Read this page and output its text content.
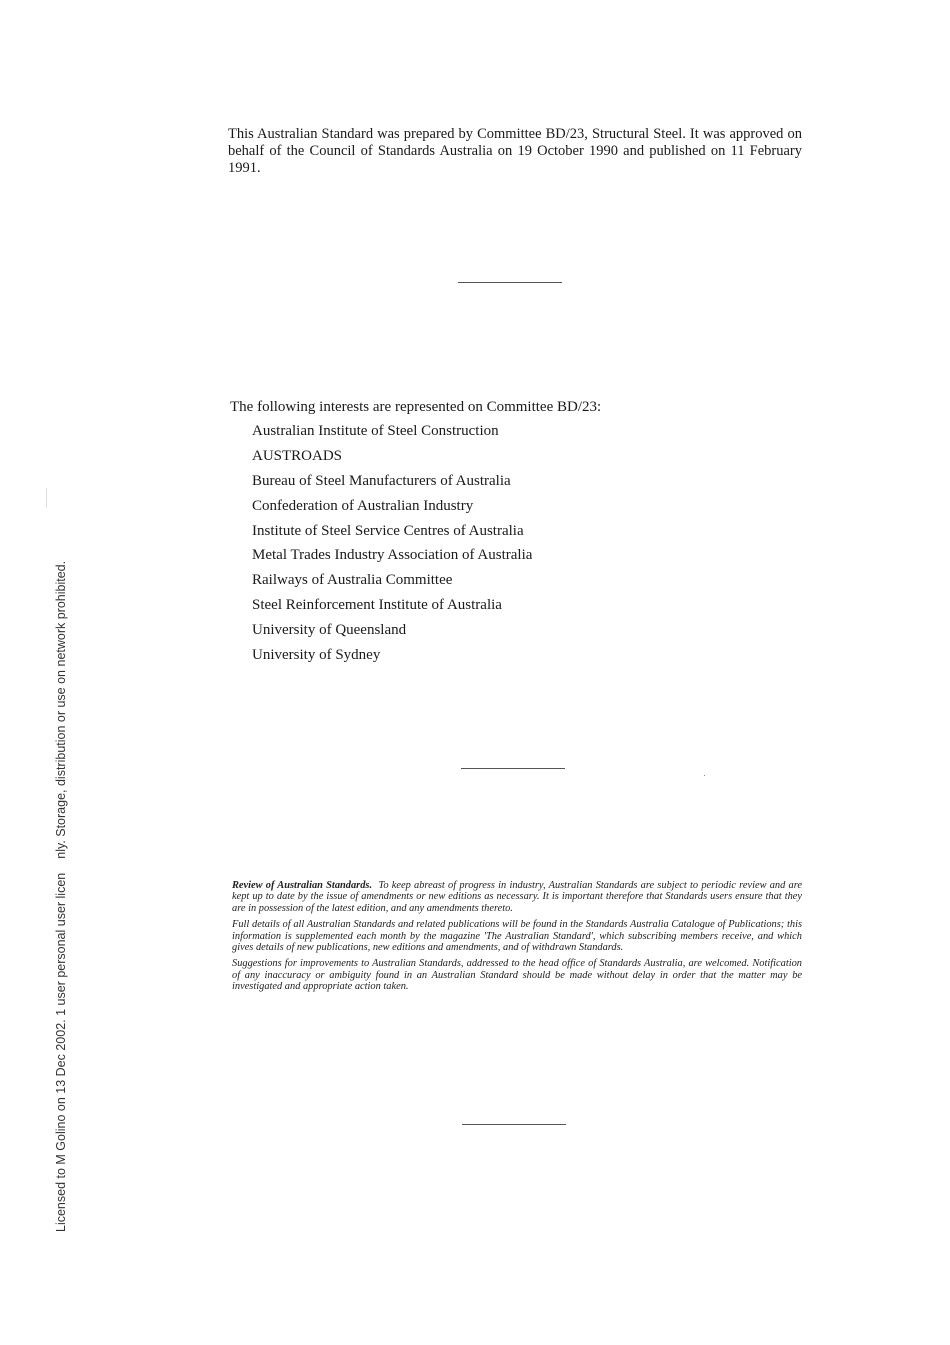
This Australian Standard was prepared by Committee BD/23, Structural Steel. It was approved on behalf of the Council of Standards Australia on 19 October 1990 and published on 11 February 1991.
The following interests are represented on Committee BD/23:
Australian Institute of Steel Construction
AUSTROADS
Bureau of Steel Manufacturers of Australia
Confederation of Australian Industry
Institute of Steel Service Centres of Australia
Metal Trades Industry Association of Australia
Railways of Australia Committee
Steel Reinforcement Institute of Australia
University of Queensland
University of Sydney

Review of Australian Standards. To keep abreast of progress in industry, Australian Standards are subject to periodic review and are kept up to date by the issue of amendments or new editions as necessary. It is important therefore that Standards users ensure that they are in possession of the latest edition, and any amendments thereto.

Full details of all Australian Standards and related publications will be found in the Standards Australia Catalogue of Publications; this information is supplemented each month by the magazine 'The Australian Standard', which subscribing members receive, and which gives details of new publications, new editions and amendments, and of withdrawn Standards.

Suggestions for improvements to Australian Standards, addressed to the head office of Standards Australia, are welcomed. Notification of any inaccuracy or ambiguity found in an Australian Standard should be made without delay in order that the matter may be investigated and appropriate action taken.

Licensed to M Golino on 13 Dec 2002. 1 user personal user licennly. Storage, distribution or use on network prohibited.
